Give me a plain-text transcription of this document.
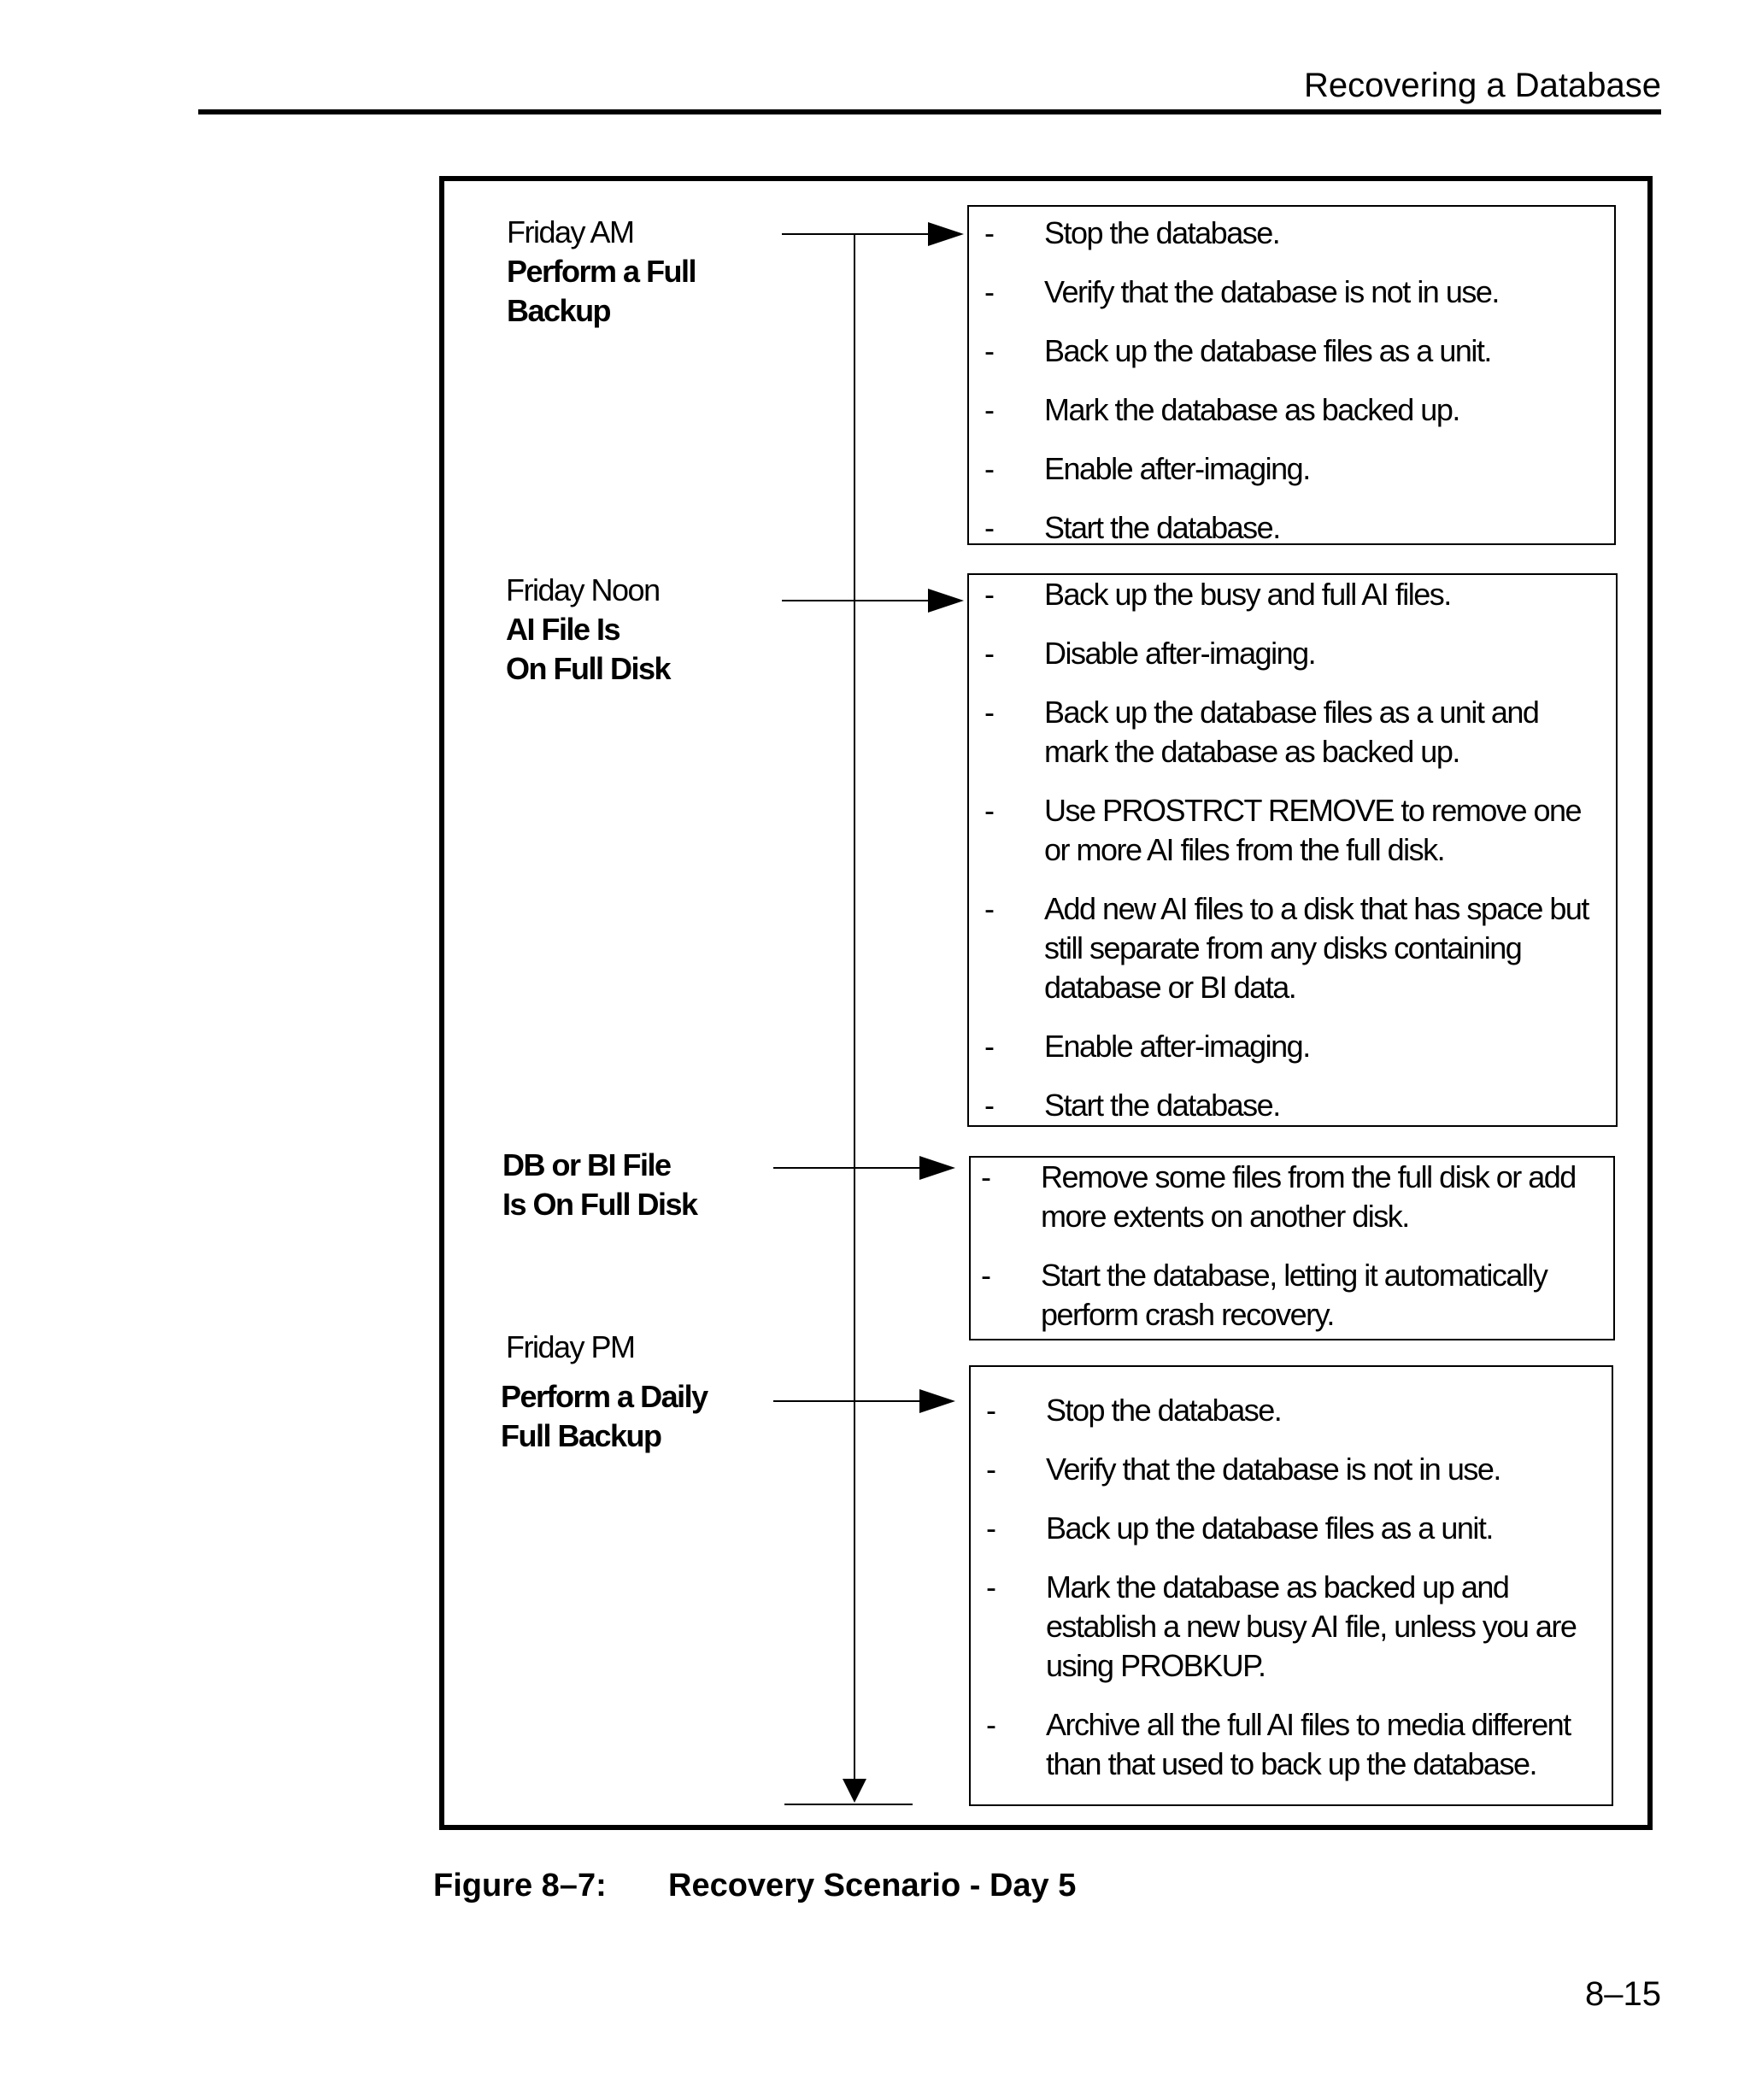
Recovering a Database
Friday AM
Perform a Full
Backup
Friday Noon
AI File Is
On Full Disk
DB or BI File
Is On Full Disk
Friday PM
Perform a Daily
Full Backup
- Stop the database.
- Verify that the database is not in use.
- Back up the database files as a unit.
- Mark the database as backed up.
- Enable after-imaging.
- Start the database.
- Back up the busy and full AI files.
- Disable after-imaging.
- Back up the database files as a unit and
mark the database as backed up.
- Use PROSTRCT REMOVE to remove one
or more AI files from the full disk.
- Add new AI files to a disk that has space but
still separate from any disks containing
database or BI data.
- Enable after-imaging.
- Start the database.
- Remove some files from the full disk or add
more extents on another disk.
- Start the database, letting it automatically
perform crash recovery.
- Stop the database.
- Verify that the database is not in use.
- Back up the database files as a unit.
- Mark the database as backed up and
establish a new busy AI file, unless you are
using PROBKUP.
- Archive all the full AI files to media different
than that used to back up the database.
Figure 8–7: Recovery Scenario - Day 5
8–15
